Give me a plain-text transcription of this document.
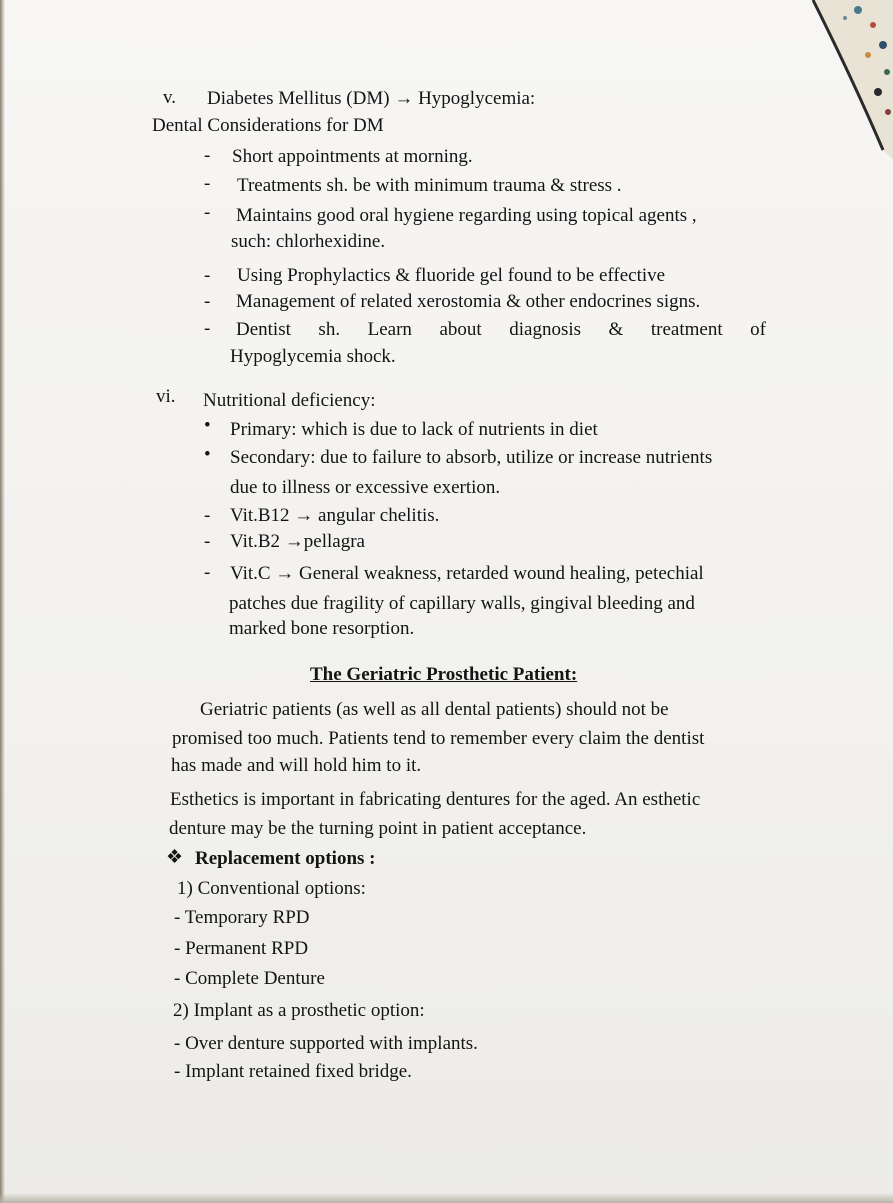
v. Diabetes Mellitus (DM) → Hypoglycemia:
Dental Considerations for DM
- Short appointments at morning.
- Treatments sh. be with minimum trauma & stress .
- Maintains good oral hygiene regarding using topical agents ,
such: chlorhexidine.
- Using Prophylactics & fluoride gel found to be effective
- Management of related xerostomia & other endocrines signs.
- Dentist sh. Learn about diagnosis & treatment of
Hypoglycemia shock.
vi. Nutritional deficiency:
• Primary: which is due to lack of nutrients in diet
• Secondary: due to failure to absorb, utilize or increase nutrients
due to illness or excessive exertion.
- Vit.B12 → angular chelitis.
- Vit.B2 →pellagra
- Vit.C → General weakness, retarded wound healing, petechial
patches due fragility of capillary walls, gingival bleeding and
marked bone resorption.
The Geriatric Prosthetic Patient:
Geriatric patients (as well as all dental patients) should not be
promised too much. Patients tend to remember every claim the dentist
has made and will hold him to it.
Esthetics is important in fabricating dentures for the aged. An esthetic
denture may be the turning point in patient acceptance.
❖ Replacement options :
1) Conventional options:
- Temporary RPD
- Permanent RPD
- Complete Denture
2) Implant as a prosthetic option:
- Over denture supported with implants.
- Implant retained fixed bridge.
